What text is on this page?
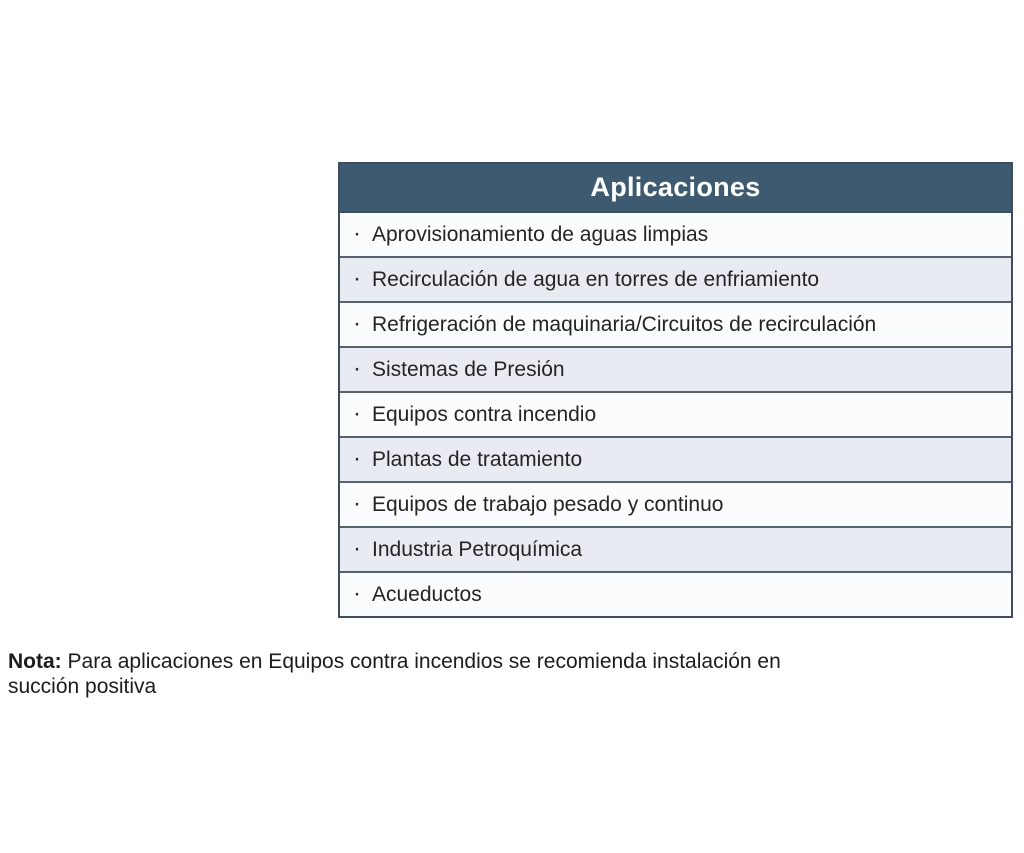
Aplicaciones
· Aprovisionamiento de aguas limpias
· Recirculación de agua en torres de enfriamiento
· Refrigeración de maquinaria/Circuitos de recirculación
· Sistemas de Presión
· Equipos contra incendio
· Plantas de tratamiento
· Equipos de trabajo pesado y continuo
· Industria Petroquímica
· Acueductos
Nota: Para aplicaciones en Equipos contra incendios se recomienda instalación en
succión positiva
